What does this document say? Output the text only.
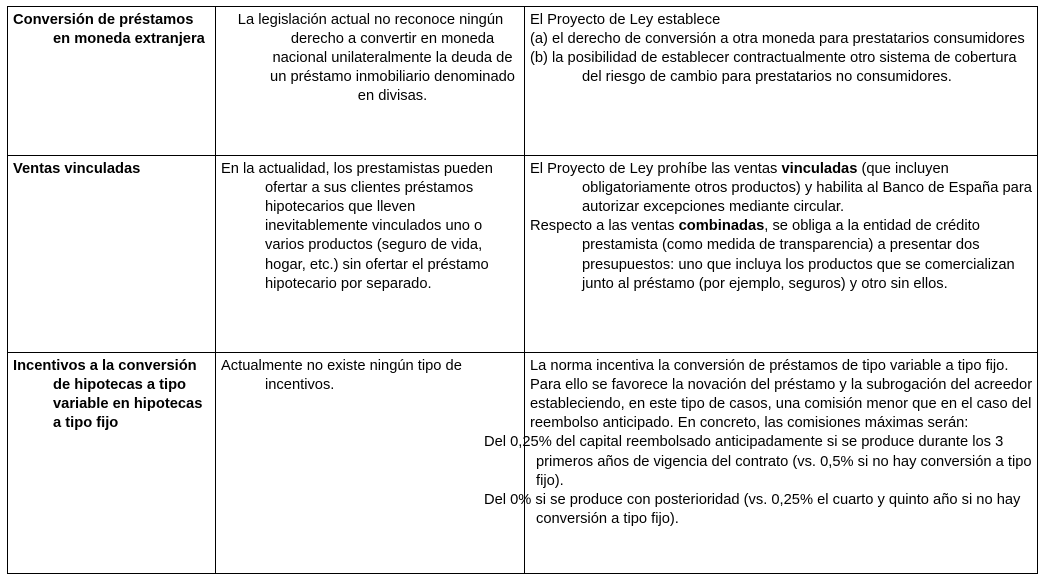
Conversión de préstamos en moneda extranjera	La legislación actual no reconoce ningún derecho a convertir en moneda nacional unilateralmente la deuda de un préstamo inmobiliario denominado en divisas.	El Proyecto de Ley establece

(a) el derecho de conversión a otra moneda para prestatarios consumidores

(b) la posibilidad de establecer contractualmente otro sistema de cobertura del riesgo de cambio para prestatarios no consumidores.

Ventas vinculadas	En la actualidad, los prestamistas pueden ofertar a sus clientes préstamos hipotecarios que lleven inevitablemente vinculados uno o varios productos (seguro de vida, hogar, etc.) sin ofertar el préstamo hipotecario por separado.

El Proyecto de Ley prohíbe las ventas vinculadas (que incluyen obligatoriamente otros productos) y habilita al Banco de España para autorizar excepciones mediante circular.

Respecto a las ventas combinadas, se obliga a la entidad de crédito prestamista (como medida de transparencia) a presentar dos presupuestos: uno que incluya los productos que se comercializan junto al préstamo (por ejemplo, seguros) y otro sin ellos.

Incentivos a la conversión de hipotecas a tipo variable en hipotecas a tipo fijo	Actualmente no existe ningún tipo de incentivos.	La norma incentiva la conversión de préstamos de tipo variable a tipo fijo. Para ello se favorece la novación del préstamo y la subrogación del acreedor estableciendo, en este tipo de casos, una comisión menor que en el caso del reembolso anticipado. En concreto, las comisiones máximas serán:

Del 0,25% del capital reembolsado anticipadamente si se produce durante los 3 primeros años de vigencia del contrato (vs. 0,5% si no hay conversión a tipo fijo).

Del 0% si se produce con posterioridad (vs. 0,25% el cuarto y quinto año si no hay conversión a tipo fijo).
